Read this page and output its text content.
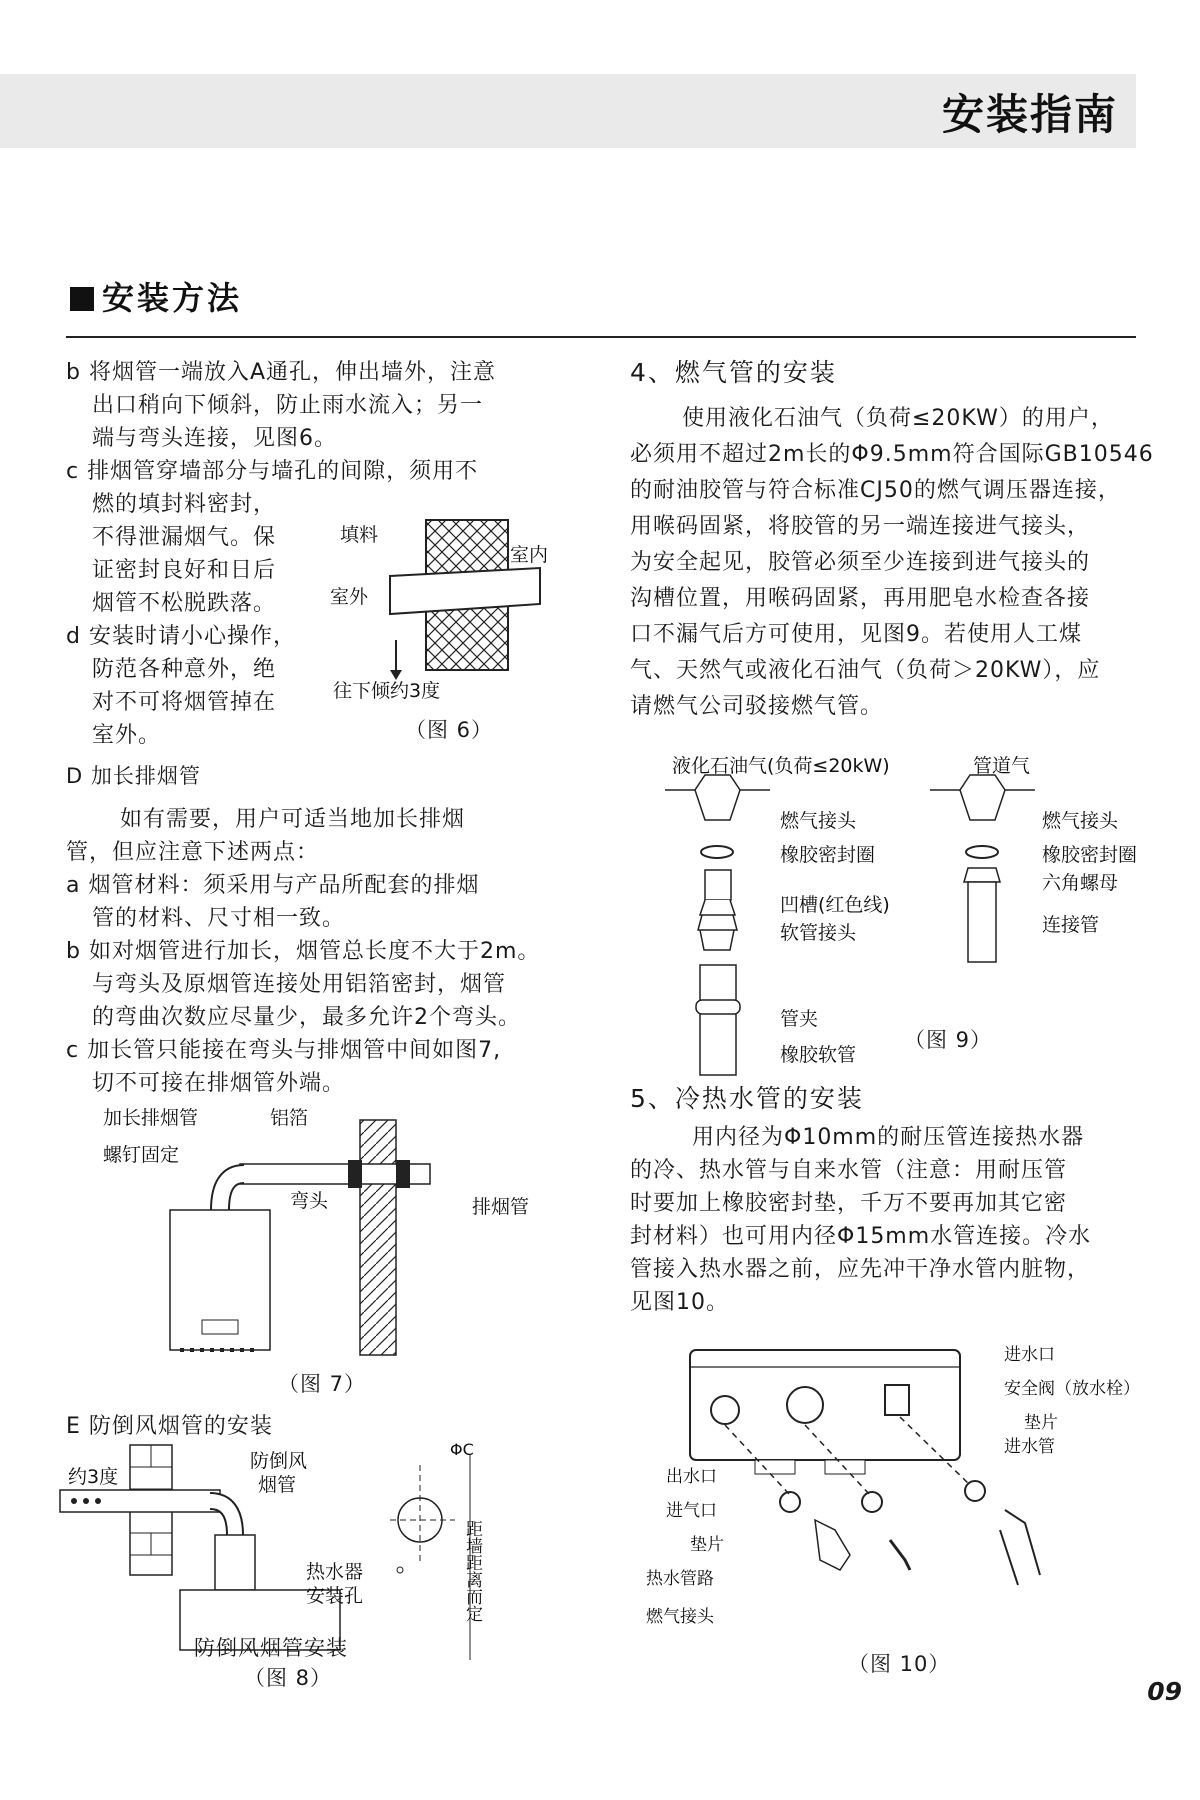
安装指南
安装方法

b 将烟管一端放入A通孔，伸出墙外，注意

出口稍向下倾斜，防止雨水流入；另一

端与弯头连接，见图6。

c 排烟管穿墙部分与墙孔的间隙，须用不

燃的填封料密封，

不得泄漏烟气。保

证密封良好和日后

烟管不松脱跌落。

d 安装时请小心操作，

防范各种意外，绝

对不可将烟管掉在

室外。

填料
室内
室外
往下倾约3度
（图 6）

D 加长排烟管

如有需要，用户可适当地加长排烟

管，但应注意下述两点：

a 烟管材料：须采用与产品所配套的排烟

管的材料、尺寸相一致。

b 如对烟管进行加长，烟管总长度不大于2m。

与弯头及原烟管连接处用铝箔密封，烟管

的弯曲次数应尽量少，最多允许2个弯头。

c 加长管只能接在弯头与排烟管中间如图7,

切不可接在排烟管外端。

加长排烟管	铝箔
螺钉固定
弯头	排烟管
（图 7）
E 防倒风烟管的安装
约3度
防倒风
烟管
热水器
安装孔
ΦC
距墙距离而定
防倒风烟管安装
（图 8）

4、燃气管的安装

使用液化石油气（负荷≤20KW）的用户，

必须用不超过2m长的Φ9.5mm符合国际GB10546

的耐油胶管与符合标准CJ50的燃气调压器连接，

用喉码固紧，将胶管的另一端连接进气接头，

为安全起见，胶管必须至少连接到进气接头的

沟槽位置，用喉码固紧，再用肥皂水检查各接

口不漏气后方可使用，见图9。若使用人工煤

气、天然气或液化石油气（负荷＞20KW），应

请燃气公司驳接燃气管。

液化石油气(负荷≤20kW)	管道气
燃气接头
橡胶密封圈
凹槽(红色线)
软管接头
管夹
橡胶软管
燃气接头
橡胶密封圈
六角螺母
连接管
（图 9）

5、冷热水管的安装

用内径为Φ10mm的耐压管连接热水器

的冷、热水管与自来水管（注意：用耐压管

时要加上橡胶密封垫，千万不要再加其它密

封材料）也可用内径Φ15mm水管连接。冷水

管接入热水器之前，应先冲干净水管内脏物，

见图10。

进水口
安全阀（放水栓）
垫片
进水管
出水口
进气口
垫片
热水管路
燃气接头
（图 10）
09
